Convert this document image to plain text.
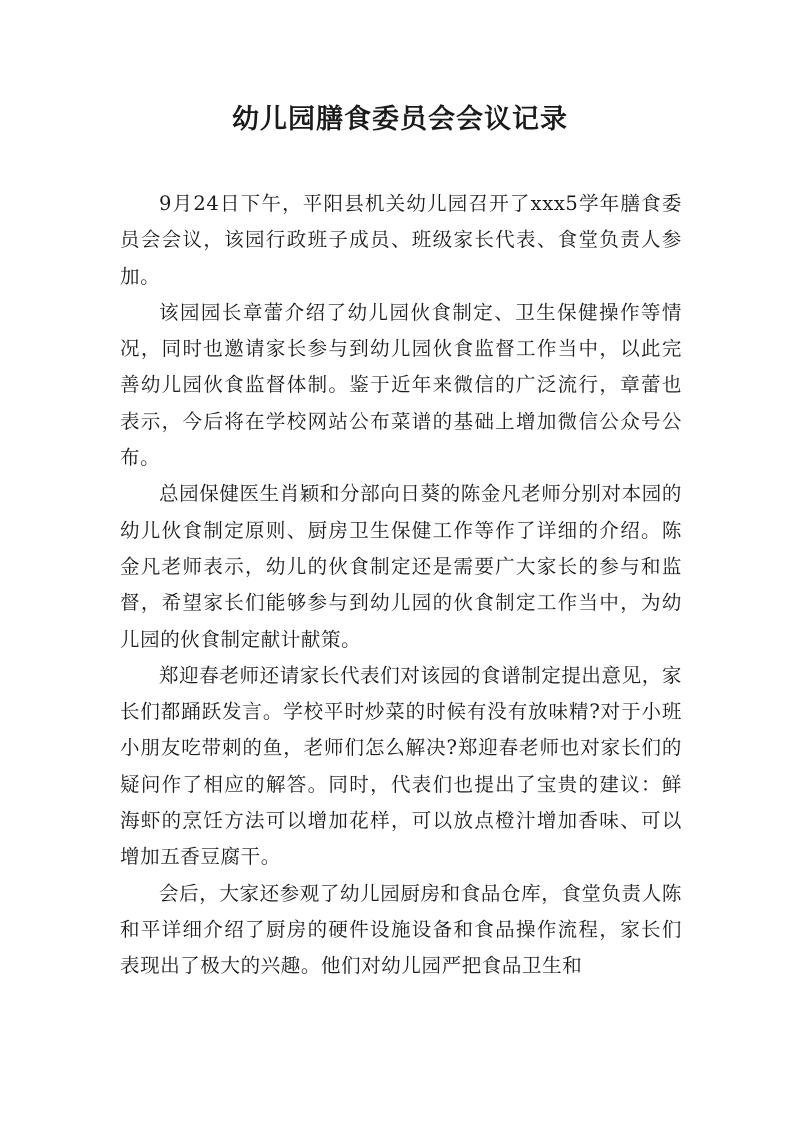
幼儿园膳食委员会会议记录

9月24日下午，平阳县机关幼儿园召开了xxx5学年膳食委员会会议，该园行政班子成员、班级家长代表、食堂负责人参加。

该园园长章蕾介绍了幼儿园伙食制定、卫生保健操作等情况，同时也邀请家长参与到幼儿园伙食监督工作当中，以此完善幼儿园伙食监督体制。鉴于近年来微信的广泛流行，章蕾也表示，今后将在学校网站公布菜谱的基础上增加微信公众号公布。

总园保健医生肖颖和分部向日葵的陈金凡老师分别对本园的幼儿伙食制定原则、厨房卫生保健工作等作了详细的介绍。陈金凡老师表示，幼儿的伙食制定还是需要广大家长的参与和监督，希望家长们能够参与到幼儿园的伙食制定工作当中，为幼儿园的伙食制定献计献策。

郑迎春老师还请家长代表们对该园的食谱制定提出意见，家长们都踊跃发言。学校平时炒菜的时候有没有放味精?对于小班小朋友吃带刺的鱼，老师们怎么解决?郑迎春老师也对家长们的疑问作了相应的解答。同时，代表们也提出了宝贵的建议：鲜海虾的烹饪方法可以增加花样，可以放点橙汁增加香味、可以增加五香豆腐干。

会后，大家还参观了幼儿园厨房和食品仓库，食堂负责人陈和平详细介绍了厨房的硬件设施设备和食品操作流程，家长们表现出了极大的兴趣。他们对幼儿园严把食品卫生和
